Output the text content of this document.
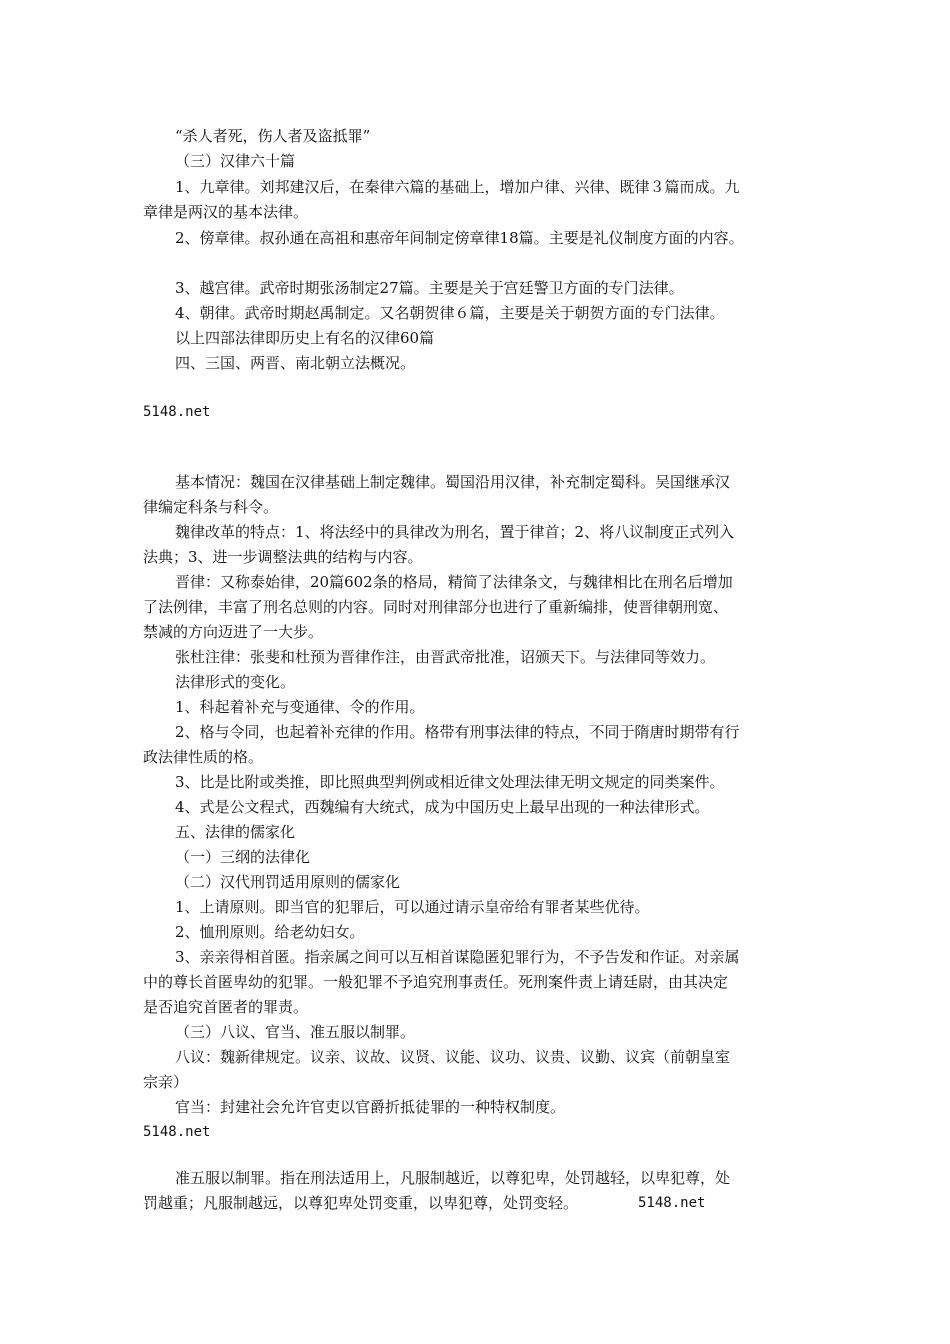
“杀人者死，伤人者及盗抵罪”
（三）汉律六十篇
1、九章律。刘邦建汉后，在秦律六篇的基础上，增加户律、兴律、既律３篇而成。九
章律是两汉的基本法律。
2、傍章律。叔孙通在高祖和惠帝年间制定傍章律18篇。主要是礼仪制度方面的内容。
3、越宫律。武帝时期张汤制定27篇。主要是关于宫廷警卫方面的专门法律。
4、朝律。武帝时期赵禹制定。又名朝贺律６篇，主要是关于朝贺方面的专门法律。
以上四部法律即历史上有名的汉律60篇
四、三国、两晋、南北朝立法概况。
5148.net
基本情况：魏国在汉律基础上制定魏律。蜀国沿用汉律，补充制定蜀科。吴国继承汉
律编定科条与科令。
魏律改革的特点：1、将法经中的具律改为刑名，置于律首；2、将八议制度正式列入
法典；3、进一步调整法典的结构与内容。
晋律：又称泰始律，20篇602条的格局，精简了法律条文，与魏律相比在刑名后增加
了法例律，丰富了刑名总则的内容。同时对刑律部分也进行了重新编排，使晋律朝刑宽、
禁减的方向迈进了一大步。
张杜注律：张斐和杜预为晋律作注，由晋武帝批准，诏颁天下。与法律同等效力。
法律形式的变化。
1、科起着补充与变通律、令的作用。
2、格与令同，也起着补充律的作用。格带有刑事法律的特点，不同于隋唐时期带有行
政法律性质的格。
3、比是比附或类推，即比照典型判例或相近律文处理法律无明文规定的同类案件。
4、式是公文程式，西魏编有大统式，成为中国历史上最早出现的一种法律形式。
五、法律的儒家化
（一）三纲的法律化
（二）汉代刑罚适用原则的儒家化
1、上请原则。即当官的犯罪后，可以通过请示皇帝给有罪者某些优待。
2、恤刑原则。给老幼妇女。
3、亲亲得相首匿。指亲属之间可以互相首谋隐匿犯罪行为，不予告发和作证。对亲属
中的尊长首匿卑幼的犯罪。一般犯罪不予追究刑事责任。死刑案件责上请廷尉，由其决定
是否追究首匿者的罪责。
（三）八议、官当、准五服以制罪。
八议：魏新律规定。议亲、议故、议贤、议能、议功、议贵、议勤、议宾（前朝皇室
宗亲）
官当：封建社会允许官吏以官爵折抵徒罪的一种特权制度。
5148.net
准五服以制罪。指在刑法适用上，凡服制越近，以尊犯卑，处罚越轻，以卑犯尊，处
罚越重；凡服制越远，以尊犯卑处罚变重，以卑犯尊，处罚变轻。	5148.net
